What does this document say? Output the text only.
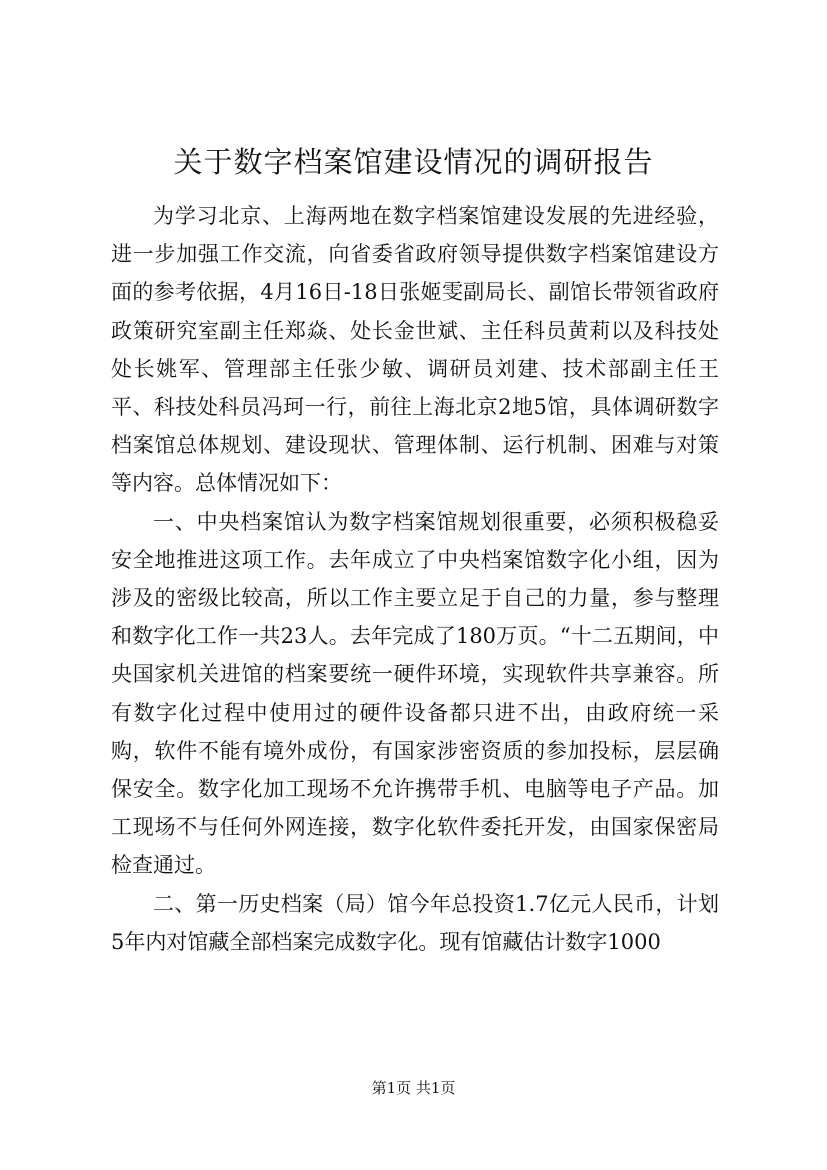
关于数字档案馆建设情况的调研报告

为学习北京、上海两地在数字档案馆建设发展的先进经验，进一步加强工作交流，向省委省政府领导提供数字档案馆建设方面的参考依据，4月16日-18日张姬雯副局长、副馆长带领省政府政策研究室副主任郑焱、处长金世斌、主任科员黄莉以及科技处处长姚军、管理部主任张少敏、调研员刘建、技术部副主任王平、科技处科员冯珂一行，前往上海北京2地5馆，具体调研数字档案馆总体规划、建设现状、管理体制、运行机制、困难与对策等内容。总体情况如下：

一、中央档案馆认为数字档案馆规划很重要，必须积极稳妥安全地推进这项工作。去年成立了中央档案馆数字化小组，因为涉及的密级比较高，所以工作主要立足于自己的力量，参与整理和数字化工作一共23人。去年完成了180万页。“十二五期间，中央国家机关进馆的档案要统一硬件环境，实现软件共享兼容。所有数字化过程中使用过的硬件设备都只进不出，由政府统一采购，软件不能有境外成份，有国家涉密资质的参加投标，层层确保安全。数字化加工现场不允许携带手机、电脑等电子产品。加工现场不与任何外网连接，数字化软件委托开发，由国家保密局检查通过。

二、第一历史档案（局）馆今年总投资1.7亿元人民币，计划5年内对馆藏全部档案完成数字化。现有馆藏估计数字1000

第1页 共1页
